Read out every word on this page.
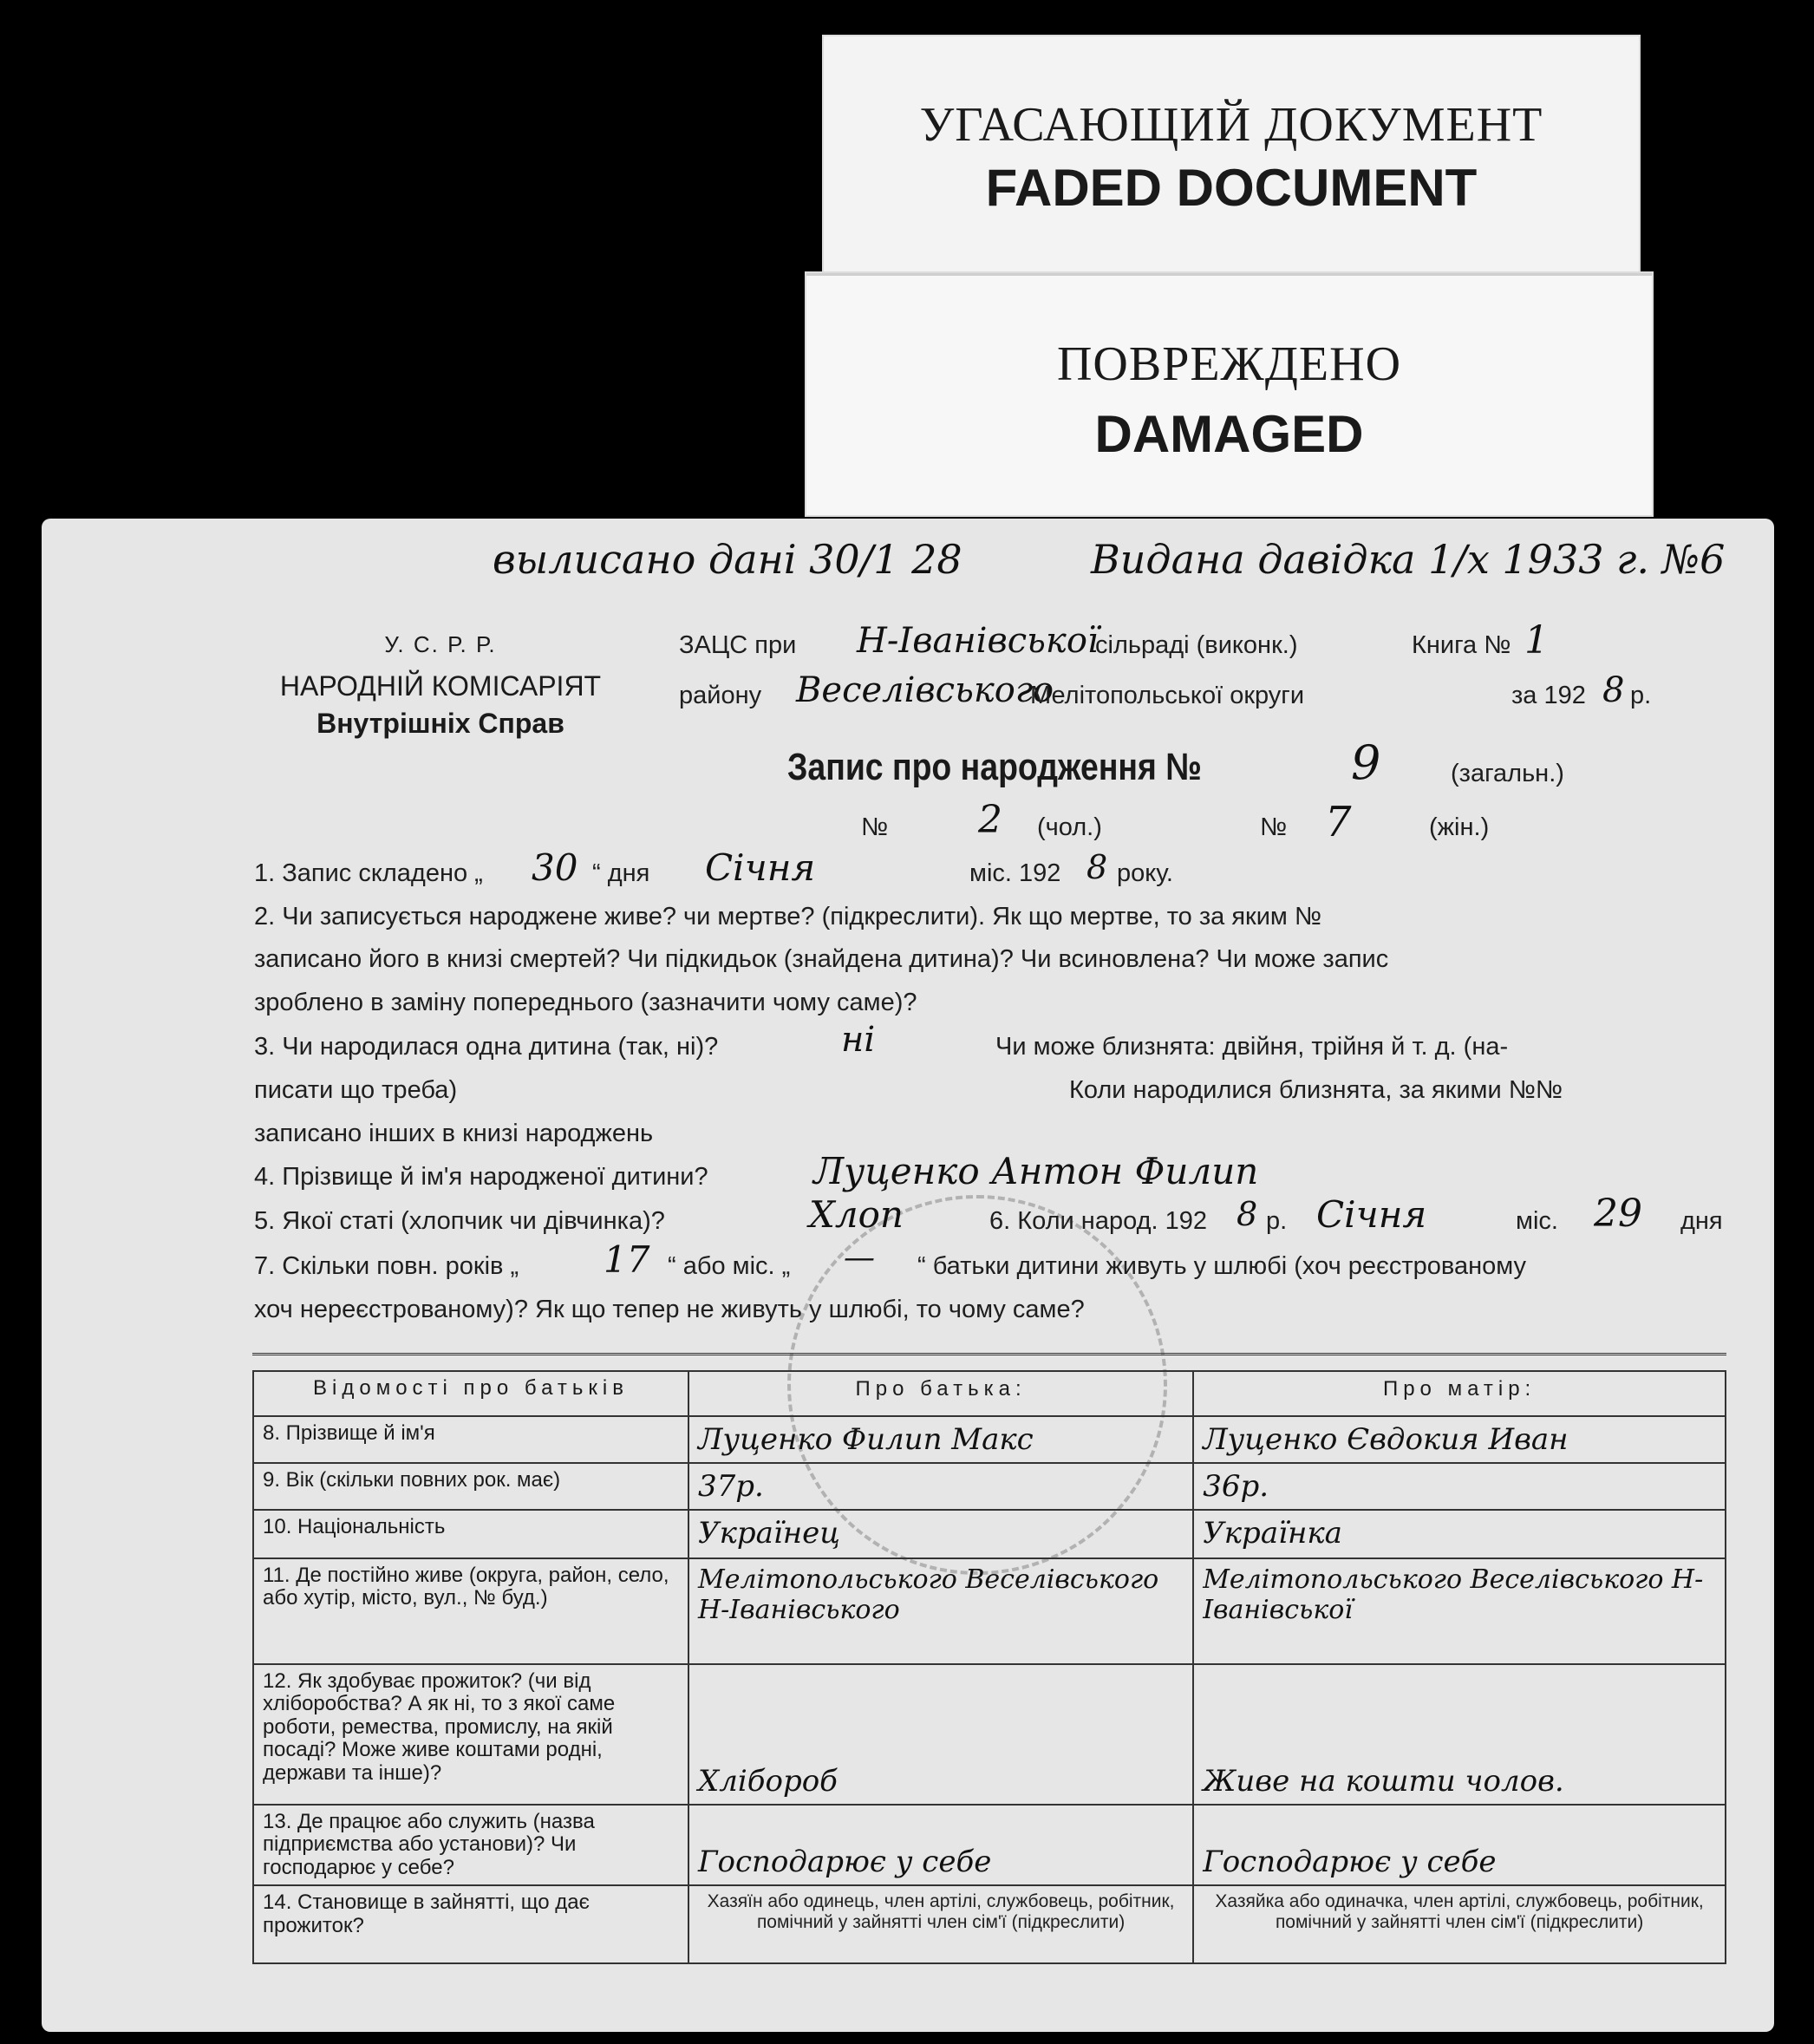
УГАСАЮЩИЙ ДОКУМЕНТ
FADED DOCUMENT
ПОВРЕЖДЕНО
DAMAGED
вылисано дані 30/1 28	Видана давідка 1/х 1933 г. №6
У. С. Р. Р.
НАРОДНІЙ КОМІСАРІЯТ
Внутрішніх Справ
ЗАЦС при Н-Іванівської
сільраді (виконк.)	Книга № 1
району Веселівського
Мелітопольської округи	за 192 8 р.
Запис про народження №	9	(загальн.)
№ 2 (чол.)	№ 7	(жін.)
1. Запис складено „ 30 “ дня Січня	міс. 192 8 року.
2. Чи записується народжене живе? чи мертве? (підкреслити). Як що мертве, то за яким №
записано його в книзі смертей? Чи підкидьок (знайдена дитина)? Чи всиновлена? Чи може запис
зроблено в заміну попереднього (зазначити чому саме)?
3. Чи народилася одна дитина (так, ні)?	ні	Чи може близнята: двійня, трійня й т. д. (на-
писати що треба)	Коли народилися близнята, за якими №№
записано інших в книзі народжень
4. Прізвище й ім'я народженої дитини?	Луценко Антон Филип
5. Якої статі (хлопчик чи дівчинка)?	Хлоп	6. Коли народ. 192 8 р. Січня	міс. 29 дня
7. Скільки повн. років „ 17 “ або міс. „ — “ батьки дитини живуть у шлюбі (хоч реєстрованому
хоч нереєстрованому)? Як що тепер не живуть у шлюбі, то чому саме?
Відомості про батьків	Про батька:	Про матір:
8. Прізвище й ім'я	Луценко Филип Макс	Луценко Євдокия Иван
9. Вік (скільки повних рок. має)	37р.	36р.
10. Національність	Українец	Українка
11. Де постійно живе (округа, район, село, або хутір, місто, вул., № буд.)	Мелітопольського Веселівського Н-Іванівського	Мелітопольського Веселівського Н-Іванівської
12. Як здобуває прожиток? (чи від хліборобства? А як ні, то з якої саме роботи, ремества, промислу, на якій посаді? Може живе коштами родні, держави та інше)?	Хлібороб	Живе на кошти чолов.
13. Де працює або служить (назва підприємства або установи)? Чи господарює у себе?	Господарює у себе	Господарює у себе
14. Становище в зайнятті, що дає прожиток?	Хазяїн або одинець, член артілі, службовець, робітник, помічний у зайнятті член сім'ї (підкреслити)	Хазяйка або одиначка, член артілі, службовець, робітник, помічний у зайнятті член сім'ї (підкреслити)
